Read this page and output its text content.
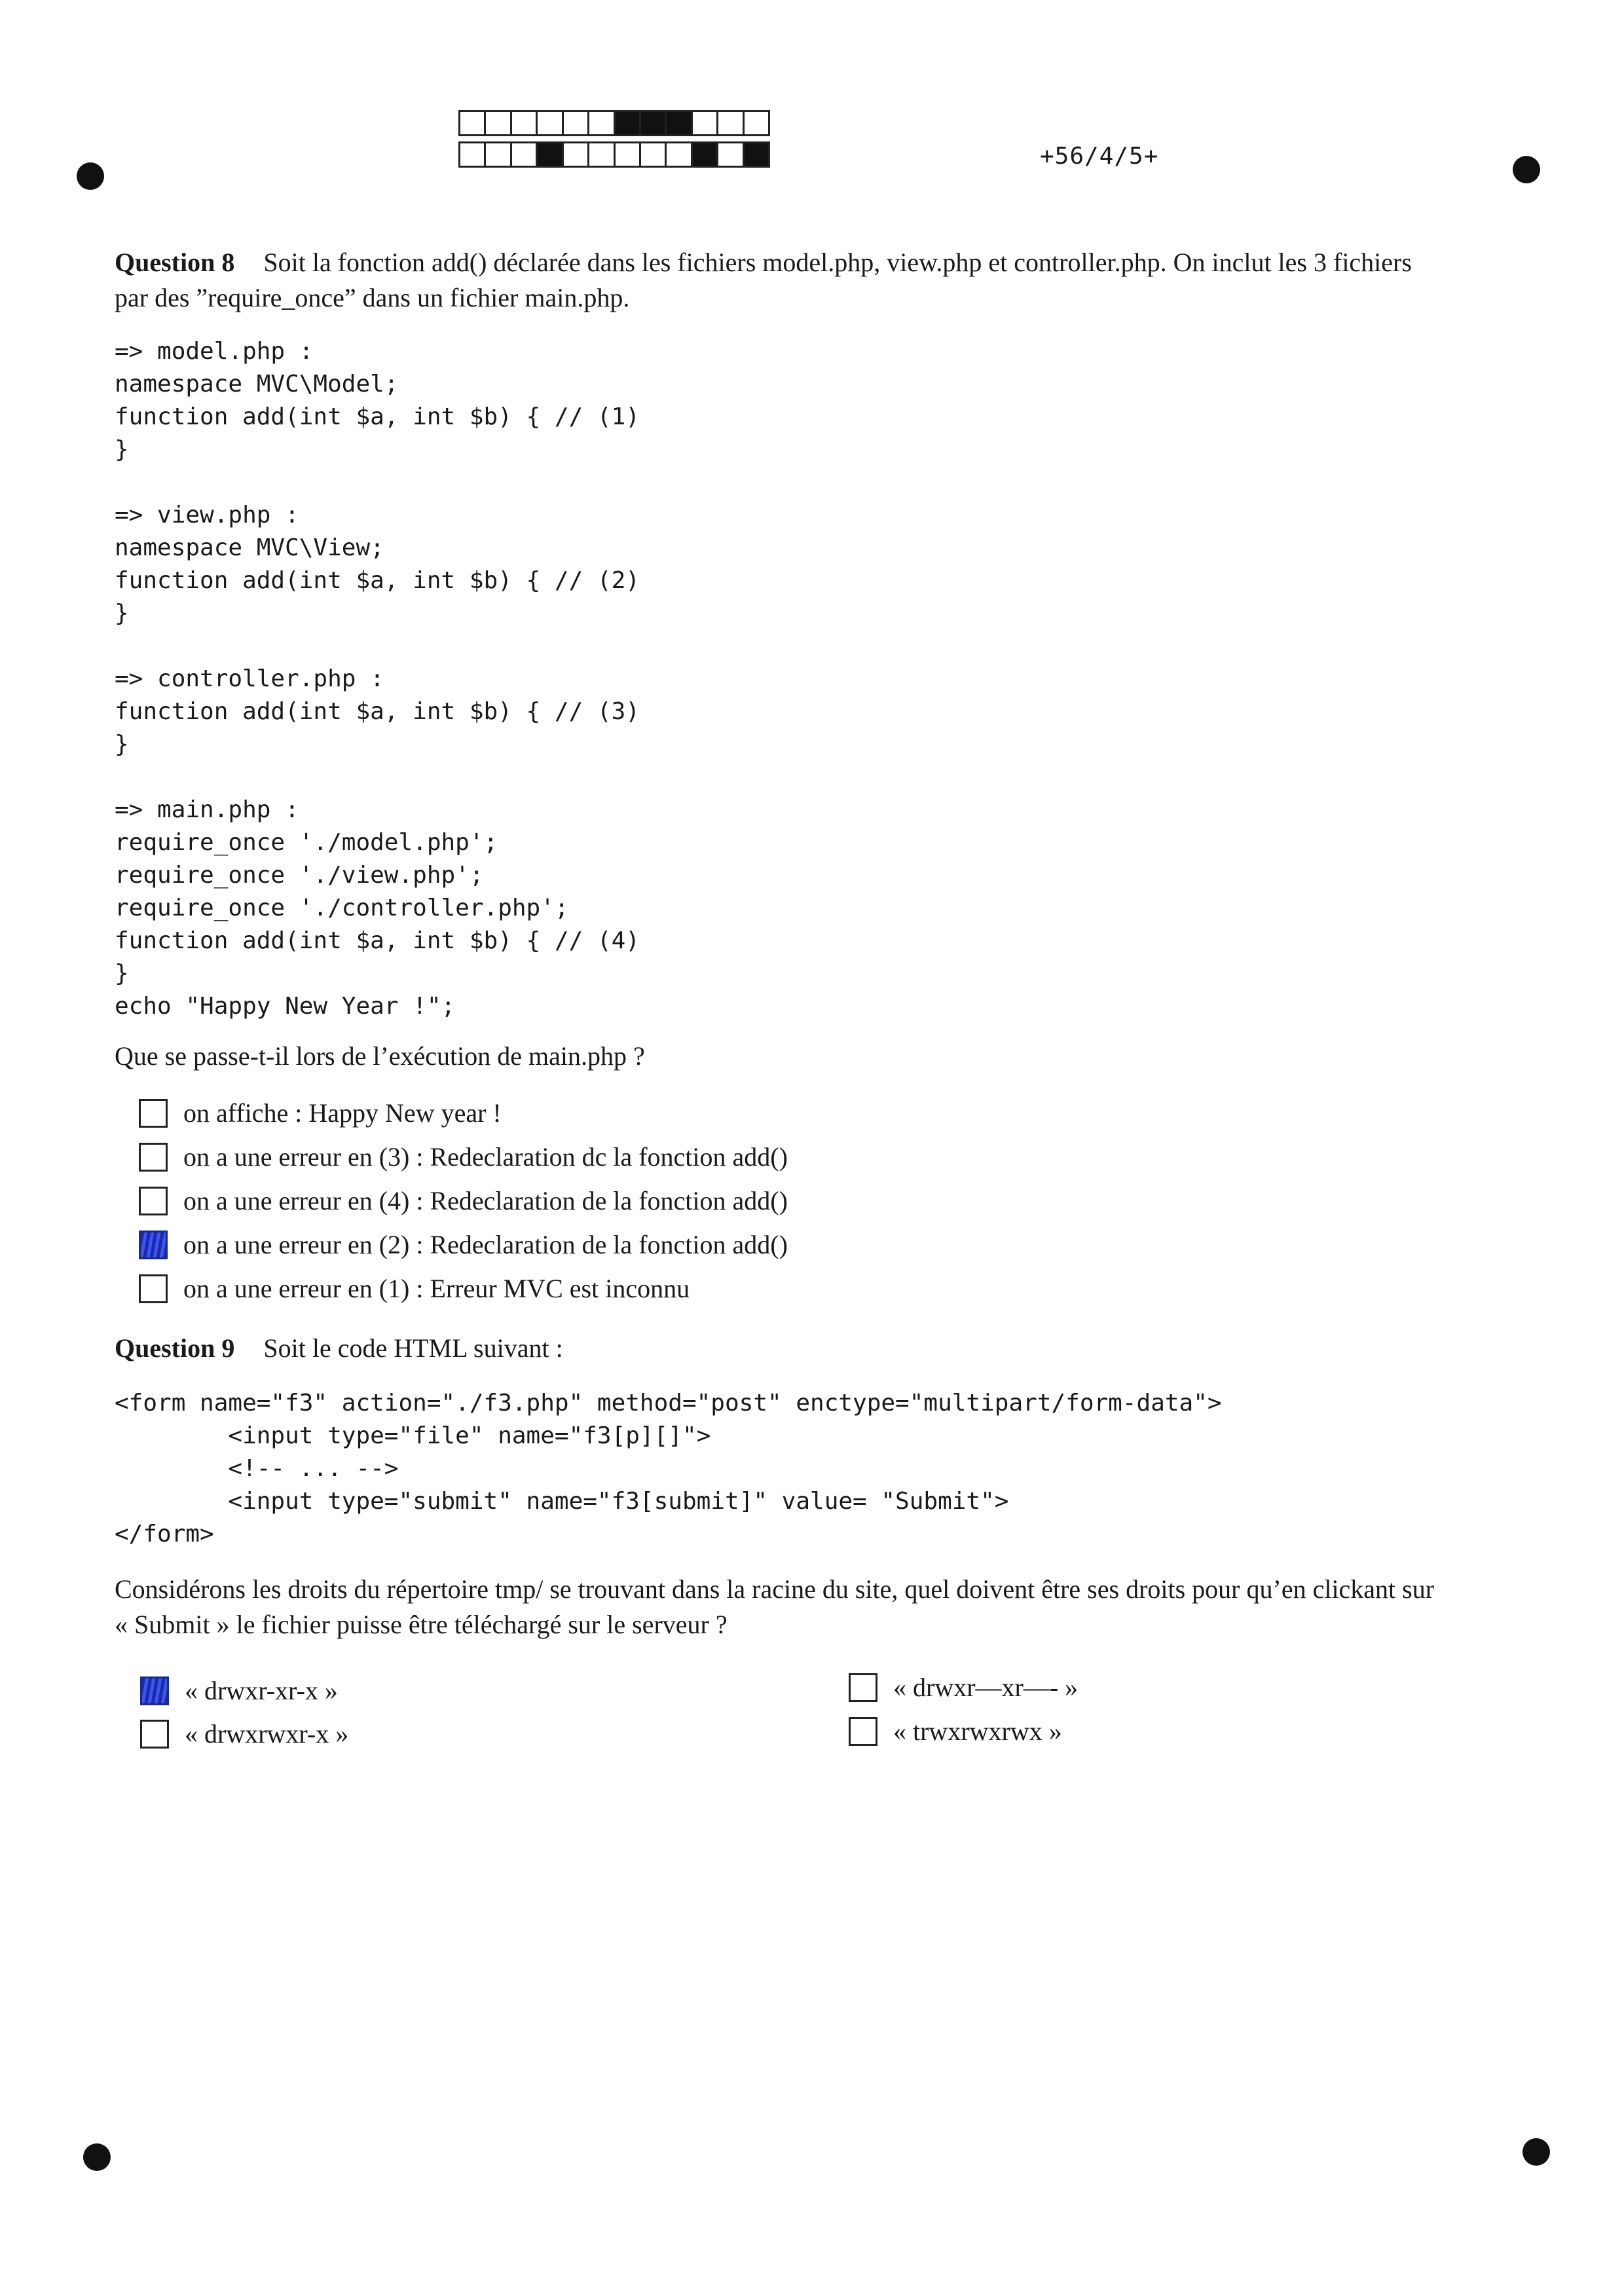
+56/4/5+
Question 8 Soit la fonction add() déclarée dans les fichiers model.php, view.php et controller.php. On inclut les 3 fichiers
par des ”require_once” dans un fichier main.php.
=> model.php :
namespace MVC\Model;
function add(int $a, int $b) { // (1)
}
=> view.php :
namespace MVC\View;
function add(int $a, int $b) { // (2)
}
=> controller.php :
function add(int $a, int $b) { // (3)
}
=> main.php :
require_once './model.php';
require_once './view.php';
require_once './controller.php';
function add(int $a, int $b) { // (4)
}
echo "Happy New Year !";
Que se passe-t-il lors de l’exécution de main.php ?
on affiche : Happy New year !
on a une erreur en (3) : Redeclaration dc la fonction add()
on a une erreur en (4) : Redeclaration de la fonction add()
on a une erreur en (2) : Redeclaration de la fonction add()
on a une erreur en (1) : Erreur MVC est inconnu
Question 9 Soit le code HTML suivant :
<form name="f3" action="./f3.php" method="post" enctype="multipart/form-data">
<input type="file" name="f3[p][]">
<!-- ... -->
<input type="submit" name="f3[submit]" value= "Submit">
</form>
Considérons les droits du répertoire tmp/ se trouvant dans la racine du site, quel doivent être ses droits pour qu’en clickant sur
« Submit » le fichier puisse être téléchargé sur le serveur ?
« drwxr-xr-x »	« drwxr—xr—- »
« drwxrwxr-x »	« trwxrwxrwx »
